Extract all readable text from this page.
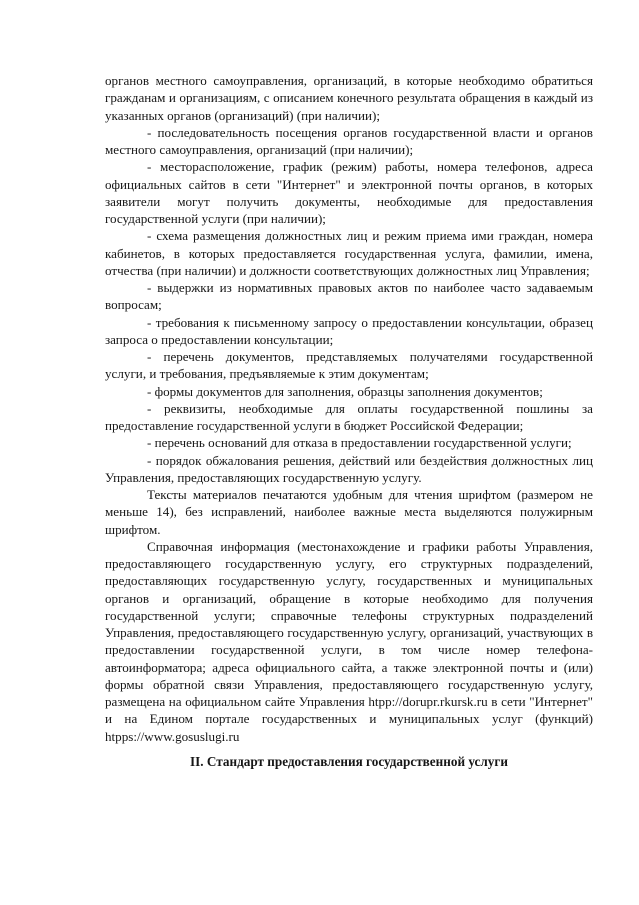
органов местного самоуправления, организаций, в которые необходимо обратиться гражданам и организациям, с описанием конечного результата обращения в каждый из указанных органов (организаций) (при наличии);

- последовательность посещения органов государственной власти и органов местного самоуправления, организаций (при наличии);

- месторасположение, график (режим) работы, номера телефонов, адреса официальных сайтов в сети "Интернет" и электронной почты органов, в которых заявители могут получить документы, необходимые для предоставления государственной услуги (при наличии);

- схема размещения должностных лиц и режим приема ими граждан, номера кабинетов, в которых предоставляется государственная услуга, фамилии, имена, отчества (при наличии) и должности соответствующих должностных лиц Управления;

- выдержки из нормативных правовых актов по наиболее часто задаваемым вопросам;

- требования к письменному запросу о предоставлении консультации, образец запроса о предоставлении консультации;

- перечень документов, представляемых получателями государственной услуги, и требования, предъявляемые к этим документам;

- формы документов для заполнения, образцы заполнения документов;

- реквизиты, необходимые для оплаты государственной пошлины за предоставление государственной услуги в бюджет Российской Федерации;

- перечень оснований для отказа в предоставлении государственной услуги;

- порядок обжалования решения, действий или бездействия должностных лиц Управления, предоставляющих государственную услугу.

Тексты материалов печатаются удобным для чтения шрифтом (размером не меньше 14), без исправлений, наиболее важные места выделяются полужирным шрифтом.

Справочная информация (местонахождение и графики работы Управления, предоставляющего государственную услугу, его структурных подразделений, предоставляющих государственную услугу, государственных и муниципальных органов и организаций, обращение в которые необходимо для получения государственной услуги; справочные телефоны структурных подразделений Управления, предоставляющего государственную услугу, организаций, участвующих в предоставлении государственной услуги, в том числе номер телефона-автоинформатора; адреса официального сайта, а также электронной почты и (или) формы обратной связи Управления, предоставляющего государственную услугу, размещена на официальном сайте Управления htpp://dorupr.rkursk.ru в сети "Интернет" и на Едином портале государственных и муниципальных услуг (функций) htpps://www.gosuslugi.ru

II. Стандарт предоставления государственной услуги
